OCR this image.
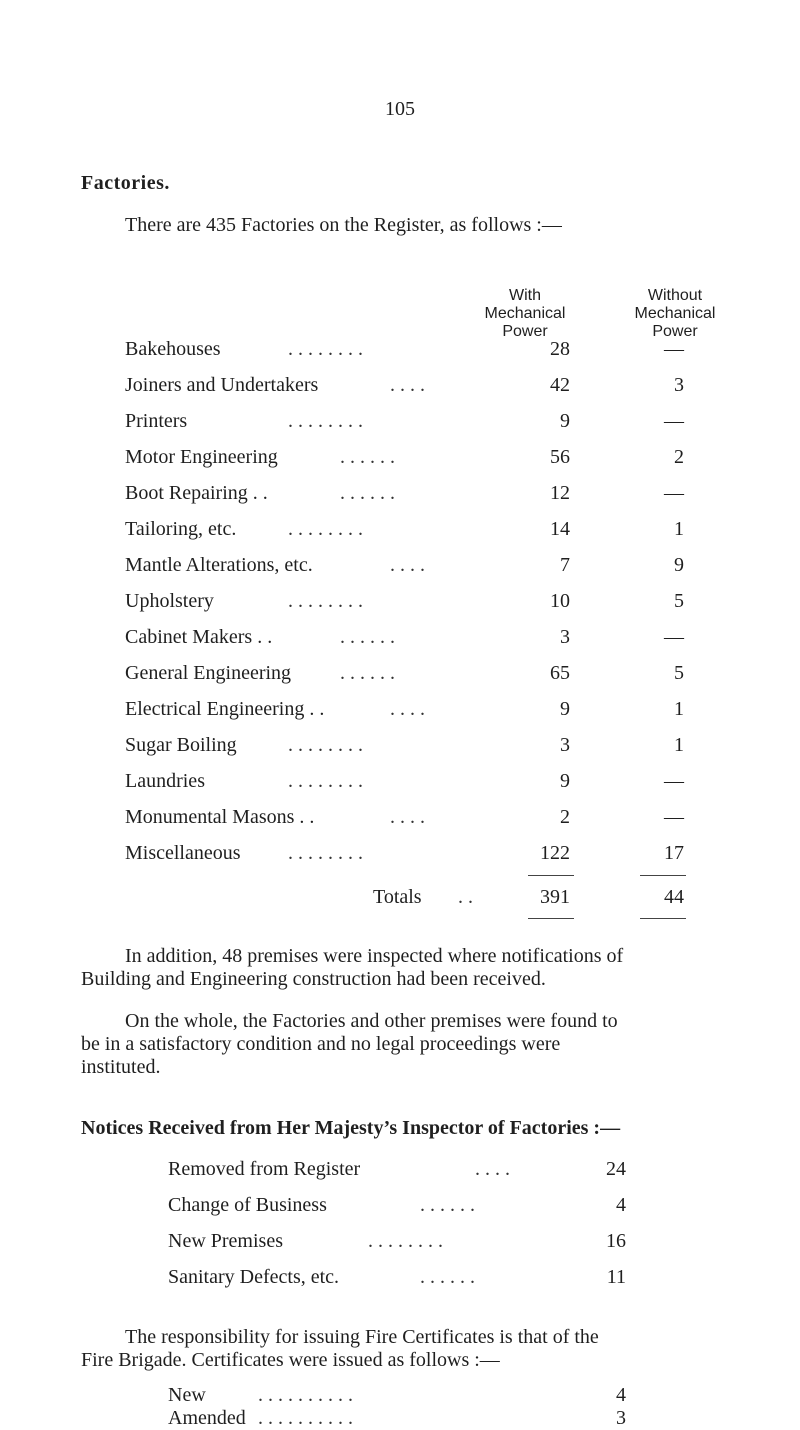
105
Factories.
There are 435 Factories on the Register, as follows :—
With
Mechanical
Power
Without
Mechanical
Power
Bakehouses	. . . . . . . .	28	—
Joiners and Undertakers	. . . .	42	3
Printers	. . . . . . . .	9	—
Motor Engineering	. . . . . .	56	2
Boot Repairing . .	. . . . . .	12	—
Tailoring, etc.	. . . . . . . .	14	1
Mantle Alterations, etc.	. . . .	7	9
Upholstery	. . . . . . . .	10	5
Cabinet Makers . .	. . . . . .	3	—
General Engineering . . . . . .	65	5
Electrical Engineering . .	. . . .	9	1
Sugar Boiling	. . . . . . . .	3	1
Laundries	. . . . . . . .	9	—
Monumental Masons . .	. . . .	2	—
Miscellaneous . . . . . . . .	122	17
Totals . .	391	44
In addition, 48 premises were inspected where notifications of
Building and Engineering construction had been received.
On the whole, the Factories and other premises were found to
be in a satisfactory condition and no legal proceedings were
instituted.
Notices Received from Her Majesty’s Inspector of Factories :—
Removed from Register	. . . .	24
Change of Business	. . . . . .	4
New Premises	. . . . . . . .	16
Sanitary Defects, etc.	. . . . . .	11
The responsibility for issuing Fire Certificates is that of the
Fire Brigade. Certificates were issued as follows :—
New	. . . . . . . . . .	4
Amended . . . . . . . . . .	3
